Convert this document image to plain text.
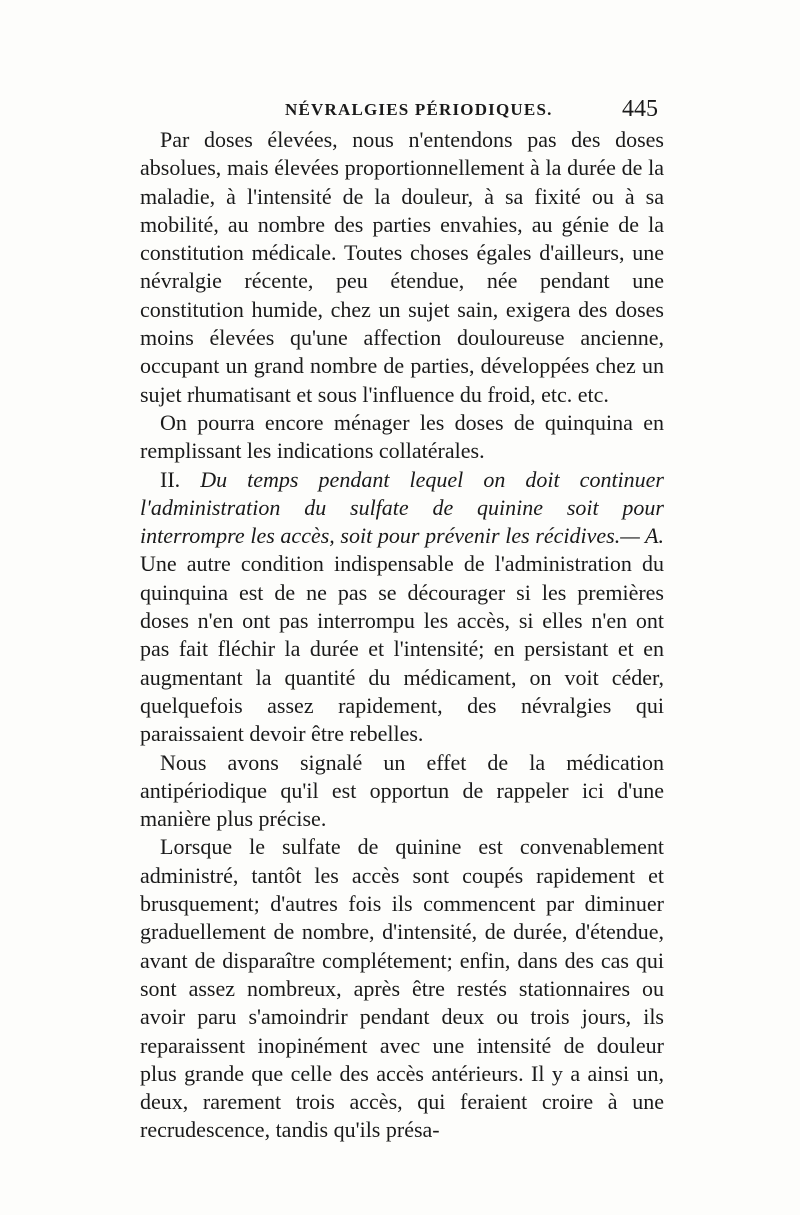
NÉVRALGIES PÉRIODIQUES.	445

Par doses élevées, nous n'entendons pas des doses absolues, mais élevées proportionnellement à la durée de la maladie, à l'intensité de la douleur, à sa fixité ou à sa mobilité, au nombre des parties envahies, au génie de la constitution médicale. Toutes choses égales d'ailleurs, une névralgie récente, peu étendue, née pendant une constitution humide, chez un sujet sain, exigera des doses moins élevées qu'une affection douloureuse ancienne, occupant un grand nombre de parties, développées chez un sujet rhumatisant et sous l'influence du froid, etc. etc.

On pourra encore ménager les doses de quinquina en remplissant les indications collatérales.

II. Du temps pendant lequel on doit continuer l'administration du sulfate de quinine soit pour interrompre les accès, soit pour prévenir les récidives.— A. Une autre condition indispensable de l'administration du quinquina est de ne pas se décourager si les premières doses n'en ont pas interrompu les accès, si elles n'en ont pas fait fléchir la durée et l'intensité; en persistant et en augmentant la quantité du médicament, on voit céder, quelquefois assez rapidement, des névralgies qui paraissaient devoir être rebelles.

Nous avons signalé un effet de la médication antipériodique qu'il est opportun de rappeler ici d'une manière plus précise.

Lorsque le sulfate de quinine est convenablement administré, tantôt les accès sont coupés rapidement et brusquement; d'autres fois ils commencent par diminuer graduellement de nombre, d'intensité, de durée, d'étendue, avant de disparaître complétement; enfin, dans des cas qui sont assez nombreux, après être restés stationnaires ou avoir paru s'amoindrir pendant deux ou trois jours, ils reparaissent inopinément avec une intensité de douleur plus grande que celle des accès antérieurs. Il y a ainsi un, deux, rarement trois accès, qui feraient croire à une recrudescence, tandis qu'ils présa-
